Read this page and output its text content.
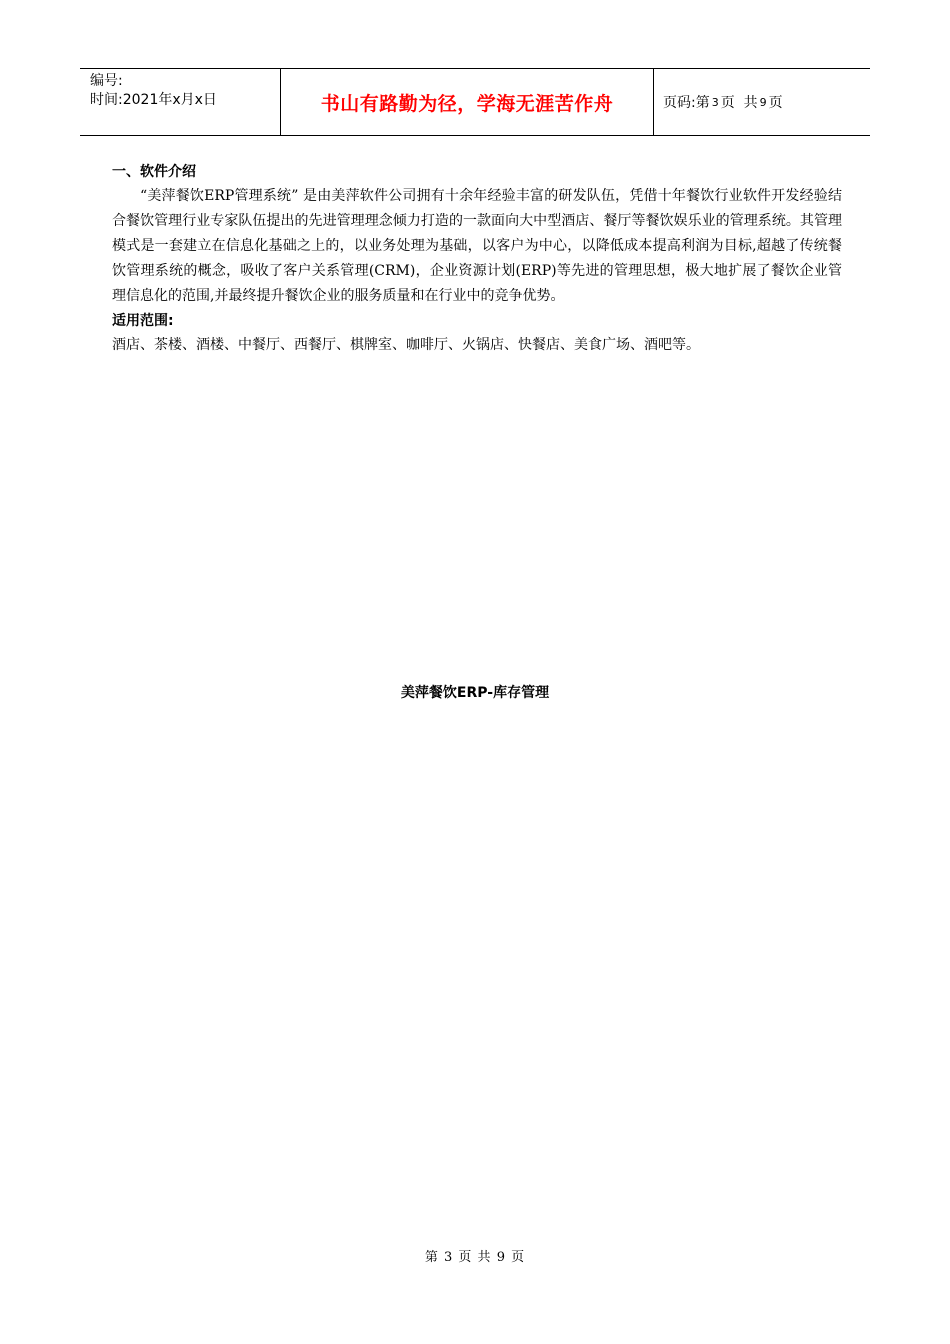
编号:
时间:2021年x月x日	书山有路勤为径，学海无涯苦作舟	页码:第 3 页  共 9 页
一、软件介绍

“美萍餐饮ERP管理系统” 是由美萍软件公司拥有十余年经验丰富的研发队伍，凭借十年餐饮行业软件开发经验结合餐饮管理行业专家队伍提出的先进管理理念倾力打造的一款面向大中型酒店、餐厅等餐饮娱乐业的管理系统。其管理模式是一套建立在信息化基础之上的，以业务处理为基础，以客户为中心，以降低成本提高利润为目标,超越了传统餐饮管理系统的概念，吸收了客户关系管理(CRM)，企业资源计划(ERP)等先进的管理思想，极大地扩展了餐饮企业管理信息化的范围,并最终提升餐饮企业的服务质量和在行业中的竞争优势。

适用范围:

酒店、茶楼、酒楼、中餐厅、西餐厅、棋牌室、咖啡厅、火锅店、快餐店、美食广场、酒吧等。

美萍餐饮ERP-库存管理
第 3 页 共 9 页
